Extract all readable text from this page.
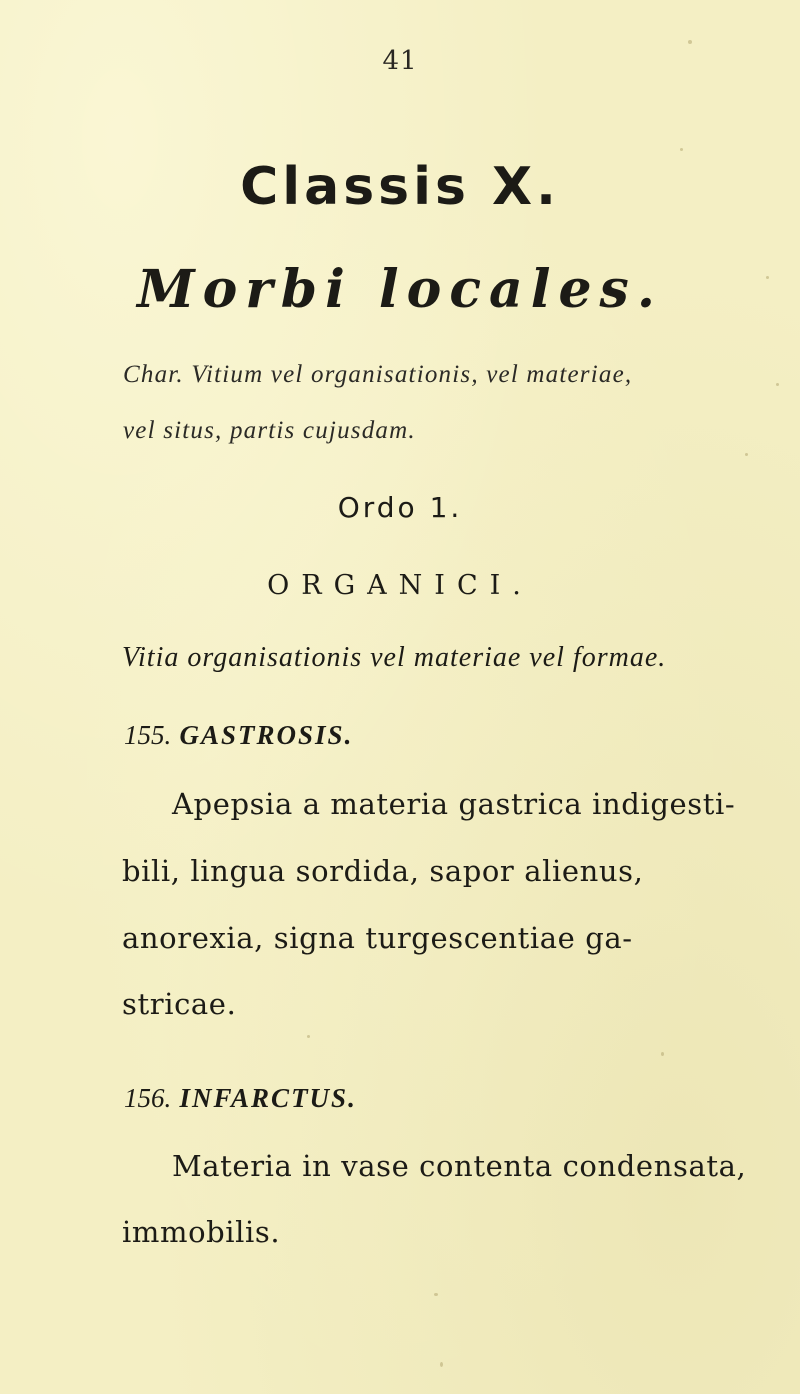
41
Classis X.
Morbi locales.
Char. Vitium vel organisationis, vel materiae,
vel situs, partis cujusdam.
Ordo 1.
ORGANICI.
Vitia organisationis vel materiae vel formae.
155. GASTROSIS.
Apepsia a materia gastrica indigesti-
bili, lingua sordida, sapor alienus,
anorexia, signa turgescentiae ga-
stricae.
156. INFARCTUS.
Materia in vase contenta condensata,
immobilis.
